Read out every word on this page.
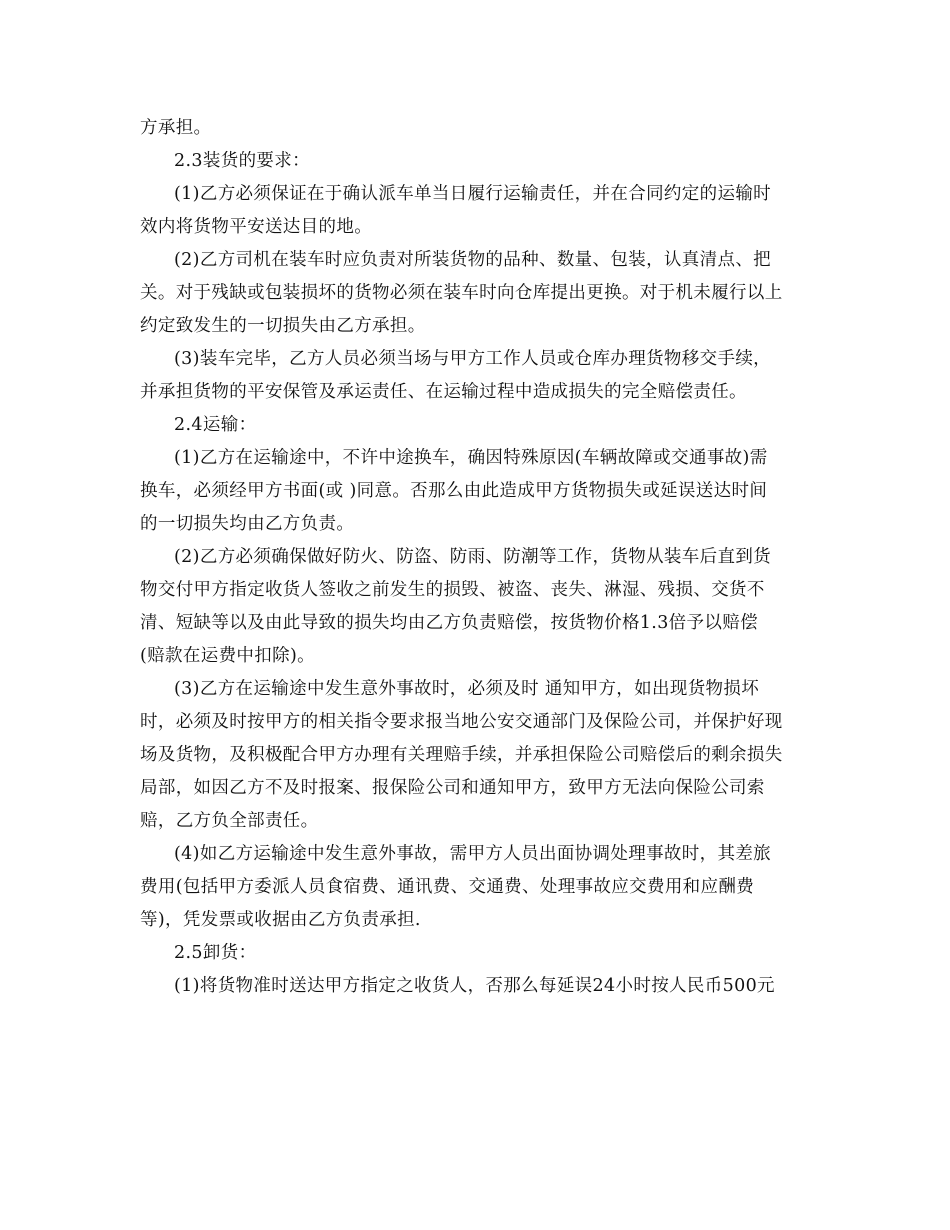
方承担。
2.3装货的要求：
(1)乙方必须保证在于确认派车单当日履行运输责任，并在合同约定的运输时
效内将货物平安送达目的地。
(2)乙方司机在装车时应负责对所装货物的品种、数量、包装，认真清点、把
关。对于残缺或包装损坏的货物必须在装车时向仓库提出更换。对于机未履行以上
约定致发生的一切损失由乙方承担。
(3)装车完毕，乙方人员必须当场与甲方工作人员或仓库办理货物移交手续，
并承担货物的平安保管及承运责任、在运输过程中造成损失的完全赔偿责任。
2.4运输：
(1)乙方在运输途中，不许中途换车，确因特殊原因(车辆故障或交通事故)需
换车，必须经甲方书面(或 )同意。否那么由此造成甲方货物损失或延误送达时间
的一切损失均由乙方负责。
(2)乙方必须确保做好防火、防盗、防雨、防潮等工作，货物从装车后直到货
物交付甲方指定收货人签收之前发生的损毁、被盗、丧失、淋湿、残损、交货不
清、短缺等以及由此导致的损失均由乙方负责赔偿，按货物价格1.3倍予以赔偿
(赔款在运费中扣除)。
(3)乙方在运输途中发生意外事故时，必须及时 通知甲方，如出现货物损坏
时，必须及时按甲方的相关指令要求报当地公安交通部门及保险公司，并保护好现
场及货物，及积极配合甲方办理有关理赔手续，并承担保险公司赔偿后的剩余损失
局部，如因乙方不及时报案、报保险公司和通知甲方，致甲方无法向保险公司索
赔，乙方负全部责任。
(4)如乙方运输途中发生意外事故，需甲方人员出面协调处理事故时，其差旅
费用(包括甲方委派人员食宿费、通讯费、交通费、处理事故应交费用和应酬费
等)，凭发票或收据由乙方负责承担.
2.5卸货：
(1)将货物准时送达甲方指定之收货人，否那么每延误24小时按人民币500元
